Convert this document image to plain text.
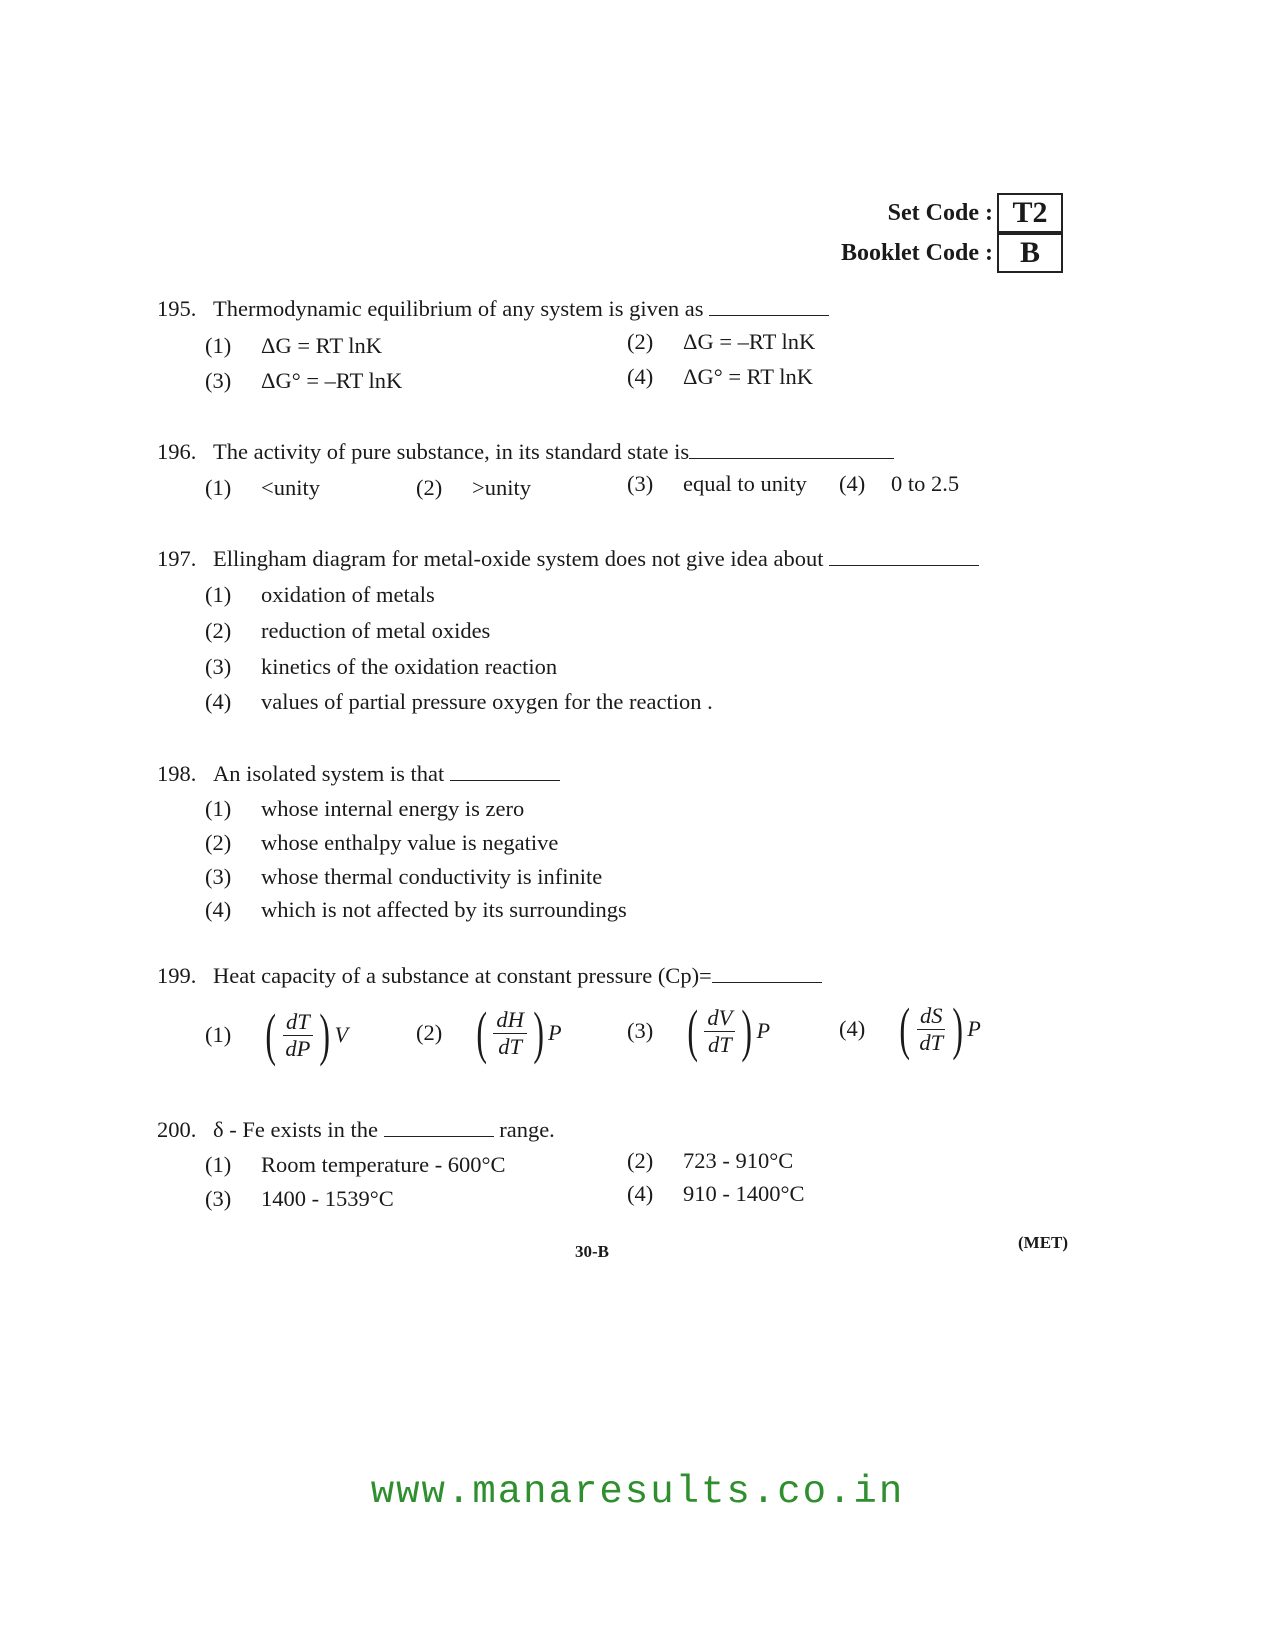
Set Code : T2
Booklet Code : B
195. Thermodynamic equilibrium of any system is given as
(1) ΔG = RT lnK	(2) ΔG = –RT lnK
(3) ΔG° = –RT lnK	(4) ΔG° = RT lnK
196. The activity of pure substance, in its standard state is
(1) <unity	(2) >unity	(3) equal to unity (4) 0 to 2.5
197. Ellingham diagram for metal-oxide system does not give idea about
(1) oxidation of metals
(2) reduction of metal oxides
(3) kinetics of the oxidation reaction
(4) values of partial pressure oxygen for the reaction .
198. An isolated system is that
(1) whose internal energy is zero
(2) whose enthalpy value is negative
(3) whose thermal conductivity is infinite
(4) which is not affected by its surroundings
199. Heat capacity of a substance at constant pressure (Cp)=
(1) ( $\frac{dT}{dP}$ ) V	(2) ( $\frac{dH}{dT}$ ) P	(3) ( $\frac{dV}{dT}$ ) P	(4) ( $\frac{dS}{dT}$ ) P
200. δ - Fe exists in the	range.
(1) Room temperature - 600°C	(2) 723 - 910°C
(3) 1400 - 1539°C	(4) 910 - 1400°C
30-B	(MET)
www.manaresults.co.in
